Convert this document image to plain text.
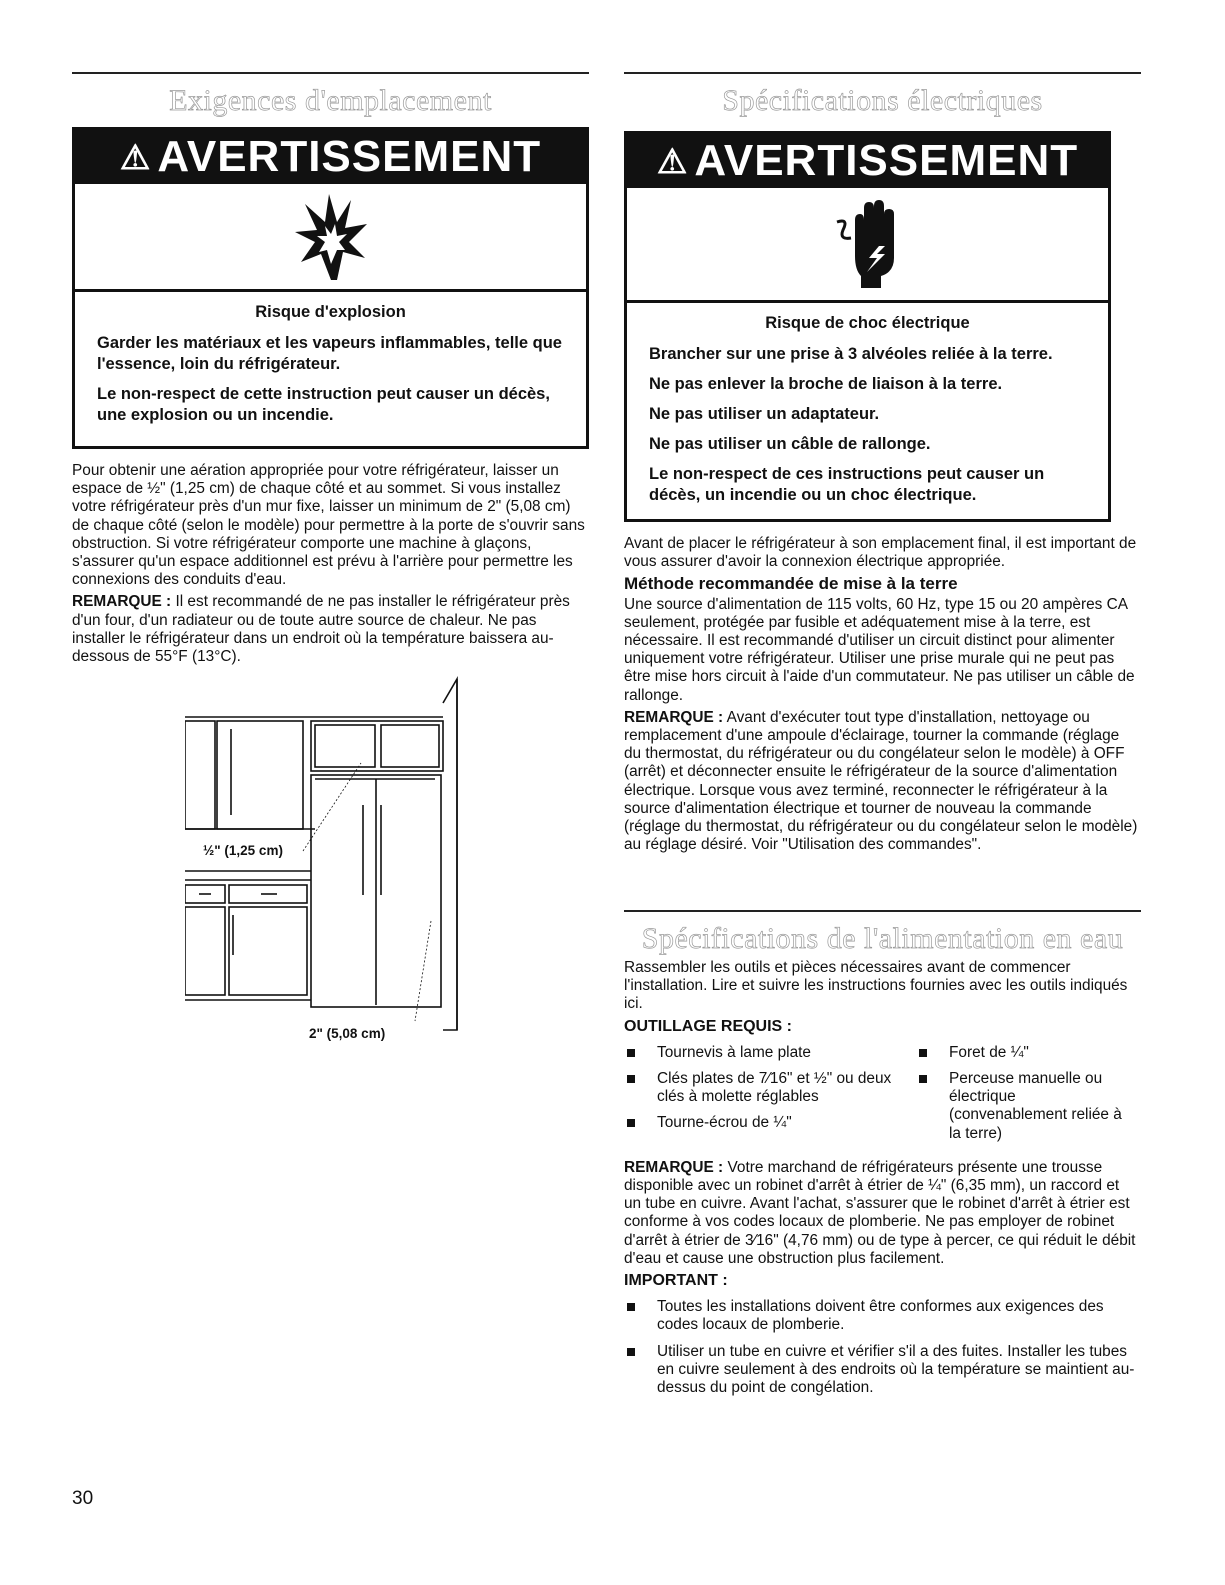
Exigences d'emplacement
⚠ AVERTISSEMENT
Risque d'explosion

Garder les matériaux et les vapeurs inflammables, telle que l'essence, loin du réfrigérateur.

Le non-respect de cette instruction peut causer un décès, une explosion ou un incendie.

Pour obtenir une aération appropriée pour votre réfrigérateur, laisser un espace de ½" (1,25 cm) de chaque côté et au sommet. Si vous installez votre réfrigérateur près d'un mur fixe, laisser un minimum de 2" (5,08 cm) de chaque côté (selon le modèle) pour permettre à la porte de s'ouvrir sans obstruction. Si votre réfrigérateur comporte une machine à glaçons, s'assurer qu'un espace additionnel est prévu à l'arrière pour permettre les connexions des conduits d'eau.

REMARQUE : Il est recommandé de ne pas installer le réfrigérateur près d'un four, d'un radiateur ou de toute autre source de chaleur. Ne pas installer le réfrigérateur dans un endroit où la température baissera au-dessous de 55°F (13°C).

½" (1,25 cm)
2" (5,08 cm)
Spécifications électriques
⚠ AVERTISSEMENT
Risque de choc électrique

Brancher sur une prise à 3 alvéoles reliée à la terre.

Ne pas enlever la broche de liaison à la terre.

Ne pas utiliser un adaptateur.

Ne pas utiliser un câble de rallonge.

Le non-respect de ces instructions peut causer un décès, un incendie ou un choc électrique.

Avant de placer le réfrigérateur à son emplacement final, il est important de vous assurer d'avoir la connexion électrique appropriée.

Méthode recommandée de mise à la terre

Une source d'alimentation de 115 volts, 60 Hz, type 15 ou 20 ampères CA seulement, protégée par fusible et adéquatement mise à la terre, est nécessaire. Il est recommandé d'utiliser un circuit distinct pour alimenter uniquement votre réfrigérateur. Utiliser une prise murale qui ne peut pas être mise hors circuit à l'aide d'un commutateur. Ne pas utiliser un câble de rallonge.

REMARQUE : Avant d'exécuter tout type d'installation, nettoyage ou remplacement d'une ampoule d'éclairage, tourner la commande (réglage du thermostat, du réfrigérateur ou du congélateur selon le modèle) à OFF (arrêt) et déconnecter ensuite le réfrigérateur de la source d'alimentation électrique. Lorsque vous avez terminé, reconnecter le réfrigérateur à la source d'alimentation électrique et tourner de nouveau la commande (réglage du thermostat, du réfrigérateur ou du congélateur selon le modèle) au réglage désiré. Voir "Utilisation des commandes".

Spécifications de l'alimentation en eau

Rassembler les outils et pièces nécessaires avant de commencer l'installation. Lire et suivre les instructions fournies avec les outils indiqués ici.

OUTILLAGE REQUIS :
Tournevis à lame plate
Clés plates de 7⁄16" et ½" ou deux clés à molette réglables
Tourne-écrou de ¼"
Foret de ¼"
Perceuse manuelle ou électrique (convenablement reliée à la terre)

REMARQUE : Votre marchand de réfrigérateurs présente une trousse disponible avec un robinet d'arrêt à étrier de ¼" (6,35 mm), un raccord et un tube en cuivre. Avant l'achat, s'assurer que le robinet d'arrêt à étrier est conforme à vos codes locaux de plomberie. Ne pas employer de robinet d'arrêt à étrier de 3⁄16" (4,76 mm) ou de type à percer, ce qui réduit le débit d'eau et cause une obstruction plus facilement.

IMPORTANT :
Toutes les installations doivent être conformes aux exigences des codes locaux de plomberie.
Utiliser un tube en cuivre et vérifier s'il a des fuites. Installer les tubes en cuivre seulement à des endroits où la température se maintient au-dessus du point de congélation.
30
